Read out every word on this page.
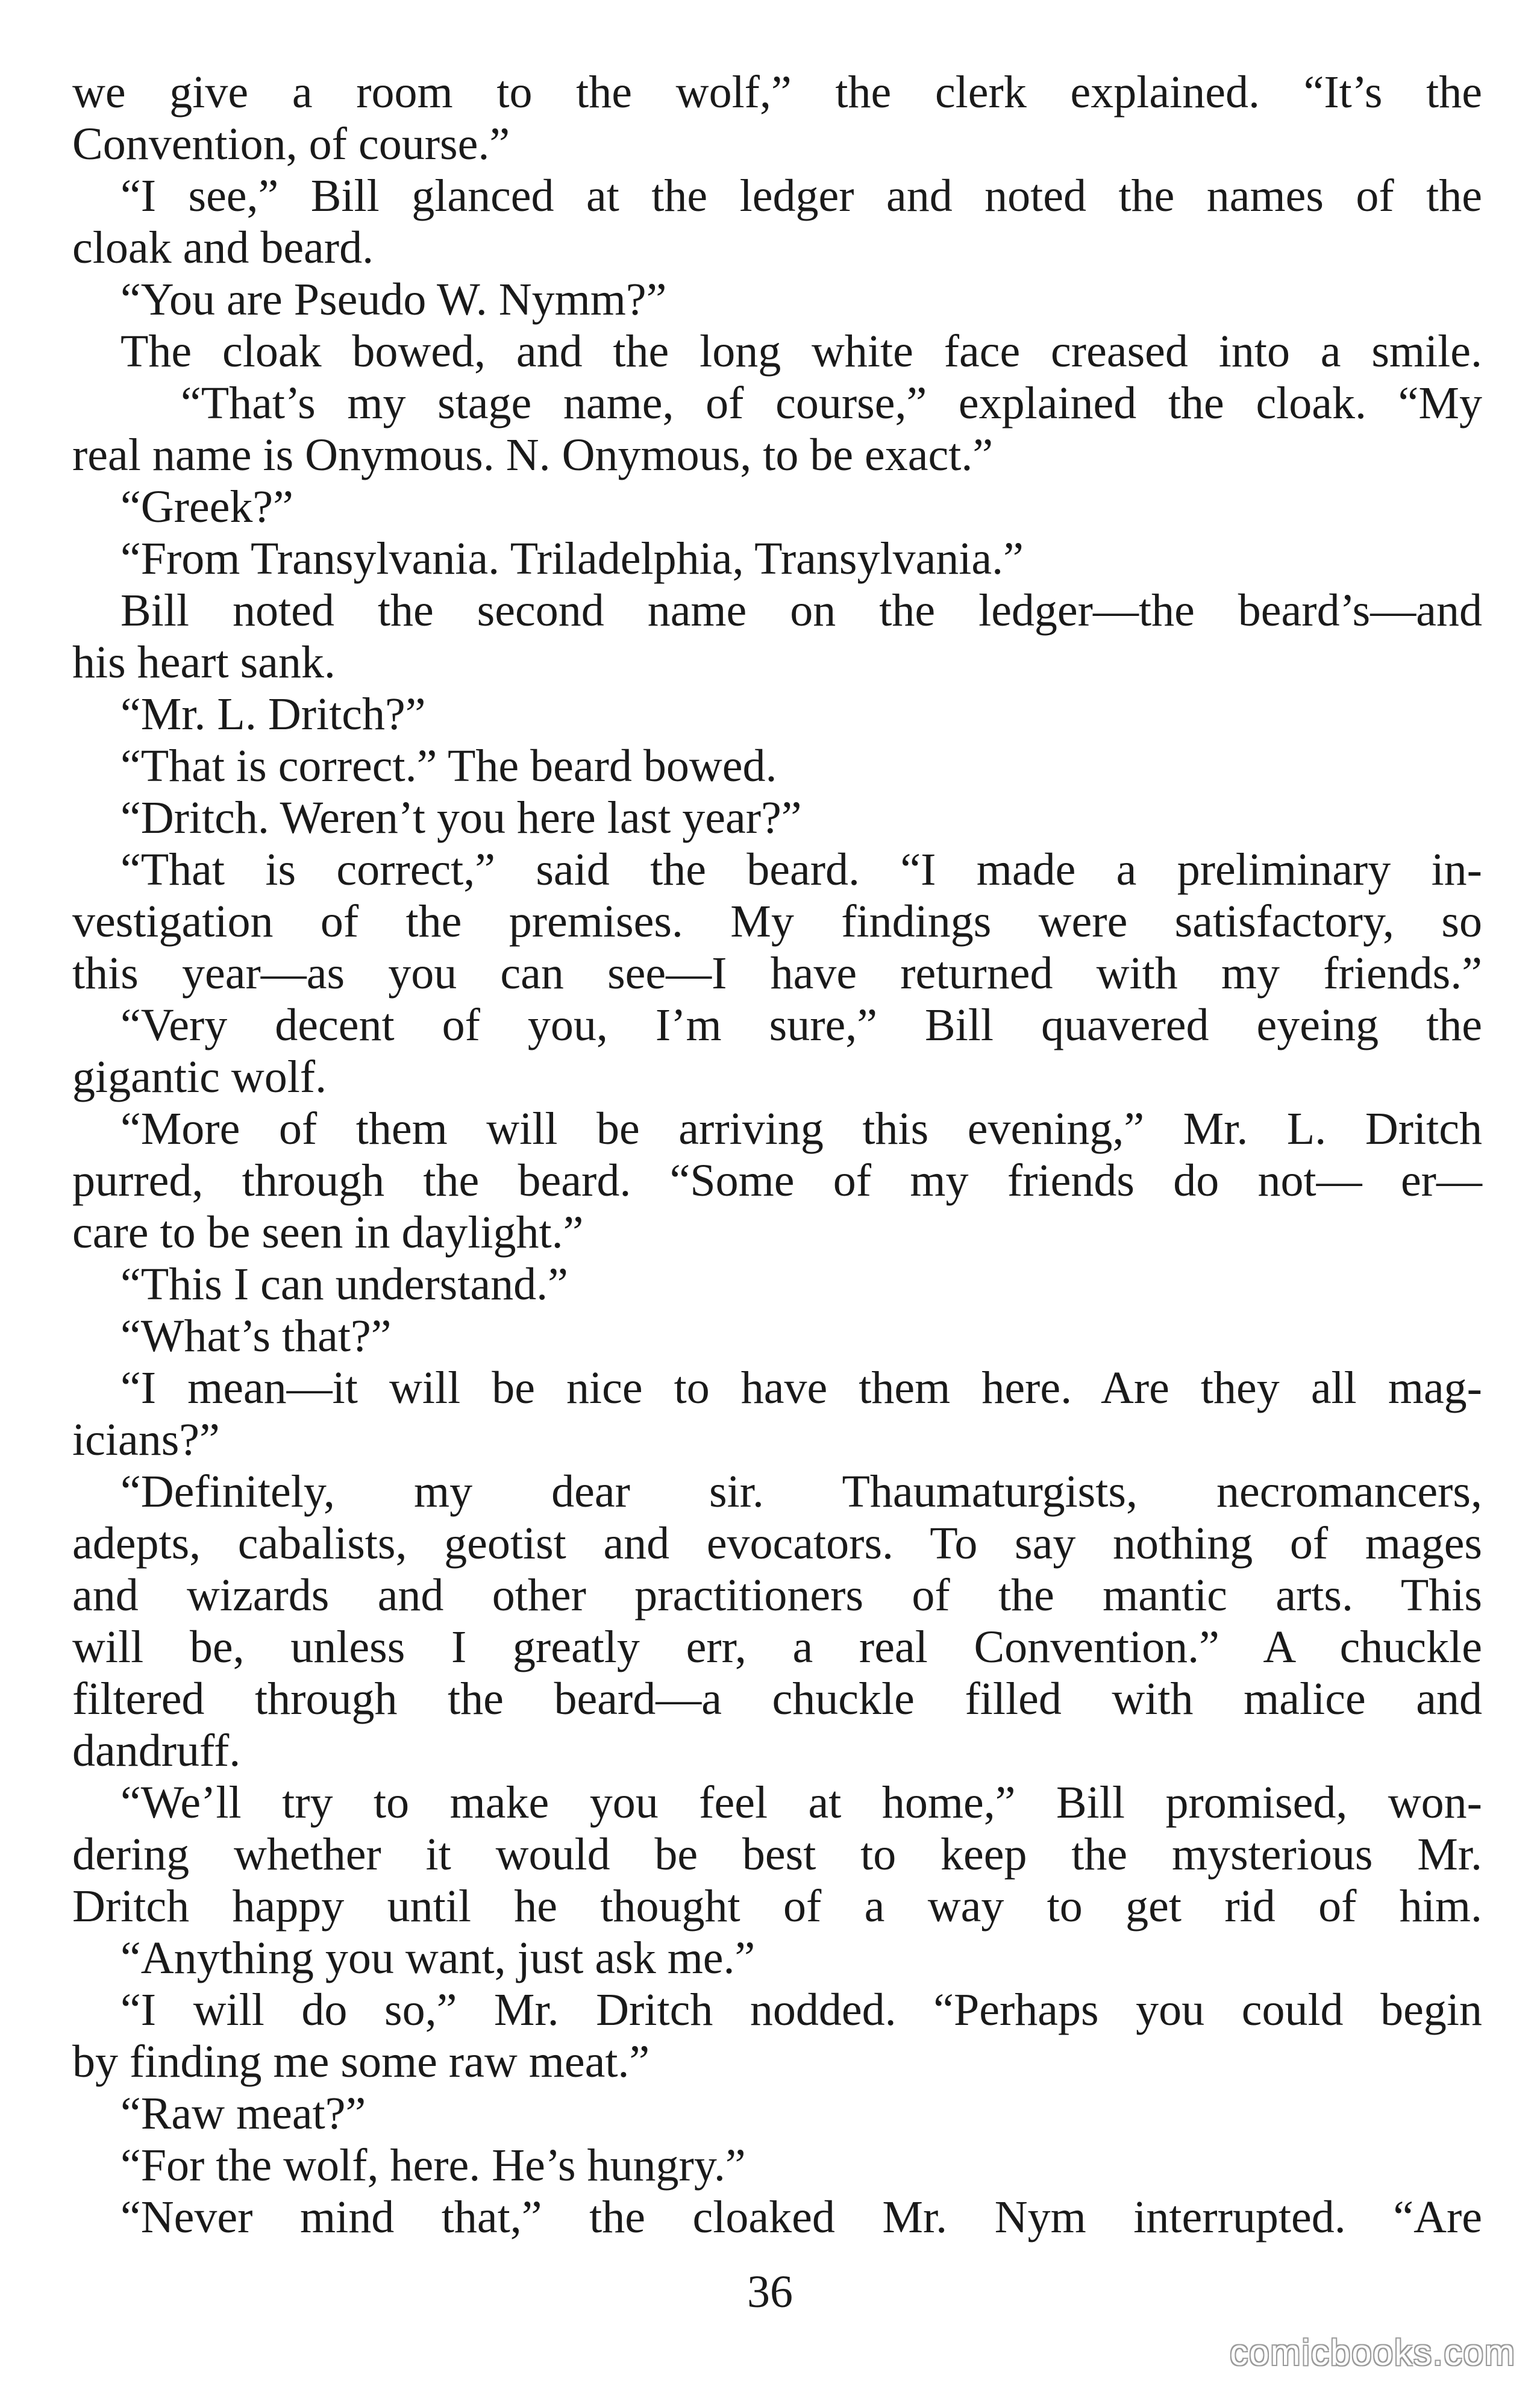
we give a room to the wolf,” the clerk explained. “It’s the

Convention, of course.”

“I see,” Bill glanced at the ledger and noted the names of the

cloak and beard.

“You are Pseudo W. Nymm?”

The cloak bowed, and the long white face creased into a smile.

“That’s my stage name, of course,” explained the cloak. “My

real name is Onymous. N. Onymous, to be exact.”

“Greek?”

“From Transylvania. Triladelphia, Transylvania.”

Bill noted the second name on the ledger—the beard’s—and

his heart sank.

“Mr. L. Dritch?”

“That is correct.” The beard bowed.

“Dritch. Weren’t you here last year?”

“That is correct,” said the beard. “I made a preliminary in-

vestigation of the premises. My findings were satisfactory, so

this year—as you can see—I have returned with my friends.”

“Very decent of you, I’m sure,” Bill quavered eyeing the

gigantic wolf.

“More of them will be arriving this evening,” Mr. L. Dritch

purred, through the beard. “Some of my friends do not— er—

care to be seen in daylight.”

“This I can understand.”

“What’s that?”

“I mean—it will be nice to have them here. Are they all mag-

icians?”

“Definitely, my dear sir. Thaumaturgists, necromancers,

adepts, cabalists, geotist and evocators. To say nothing of mages

and wizards and other practitioners of the mantic arts. This

will be, unless I greatly err, a real Convention.” A chuckle

filtered through the beard—a chuckle filled with malice and

dandruff.

“We’ll try to make you feel at home,” Bill promised, won-

dering whether it would be best to keep the mysterious Mr.

Dritch happy until he thought of a way to get rid of him.

“Anything you want, just ask me.”

“I will do so,” Mr. Dritch nodded. “Perhaps you could begin

by finding me some raw meat.”

“Raw meat?”

“For the wolf, here. He’s hungry.”

“Never mind that,” the cloaked Mr. Nym interrupted. “Are

36
comicbooks.com
